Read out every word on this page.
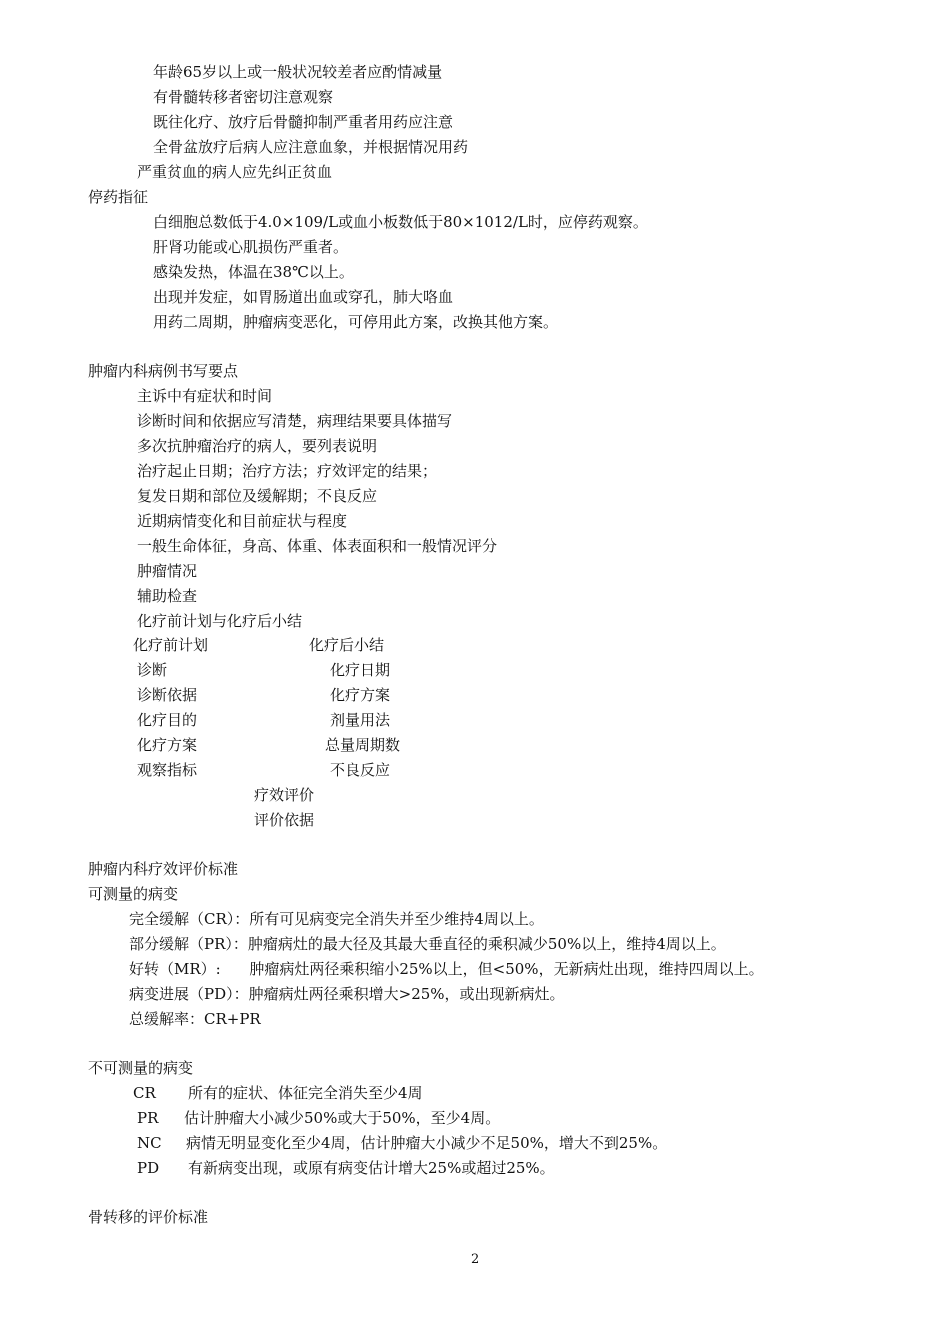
年龄65岁以上或一般状况较差者应酌情减量

有骨髓转移者密切注意观察

既往化疗、放疗后骨髓抑制严重者用药应注意

全骨盆放疗后病人应注意血象，并根据情况用药

严重贫血的病人应先纠正贫血

停药指征

白细胞总数低于4.0×109/L或血小板数低于80×1012/L时，应停药观察。

肝肾功能或心肌损伤严重者。

感染发热，体温在38℃以上。

出现并发症，如胃肠道出血或穿孔，肺大咯血

用药二周期，肿瘤病变恶化，可停用此方案，改换其他方案。

肿瘤内科病例书写要点

主诉中有症状和时间

诊断时间和依据应写清楚，病理结果要具体描写

多次抗肿瘤治疗的病人，要列表说明

治疗起止日期；治疗方法；疗效评定的结果；

复发日期和部位及缓解期；不良反应

近期病情变化和目前症状与程度

一般生命体征，身高、体重、体表面积和一般情况评分

肿瘤情况

辅助检查

化疗前计划与化疗后小结

化疗前计划	化疗后小结

诊断	化疗日期

诊断依据	化疗方案

化疗目的	剂量用法

化疗方案	总量周期数

观察指标	不良反应

疗效评价

评价依据

肿瘤内科疗效评价标准

可测量的病变

完全缓解（CR）：所有可见病变完全消失并至少维持4周以上。

部分缓解（PR）：肿瘤病灶的最大径及其最大垂直径的乘积减少50%以上，维持4周以上。

好转（MR）:      肿瘤病灶两径乘积缩小25%以上，但<50%，无新病灶出现，维持四周以上。

病变进展（PD）：肿瘤病灶两径乘积增大>25%，或出现新病灶。

总缓解率：CR+PR

不可测量的病变

CR 所有的症状、体征完全消失至少4周

PR 估计肿瘤大小减少50%或大于50%，至少4周。

NC 病情无明显变化至少4周，估计肿瘤大小减少不足50%，增大不到25%。

PD 有新病变出现，或原有病变估计增大25%或超过25%。

骨转移的评价标准

2
